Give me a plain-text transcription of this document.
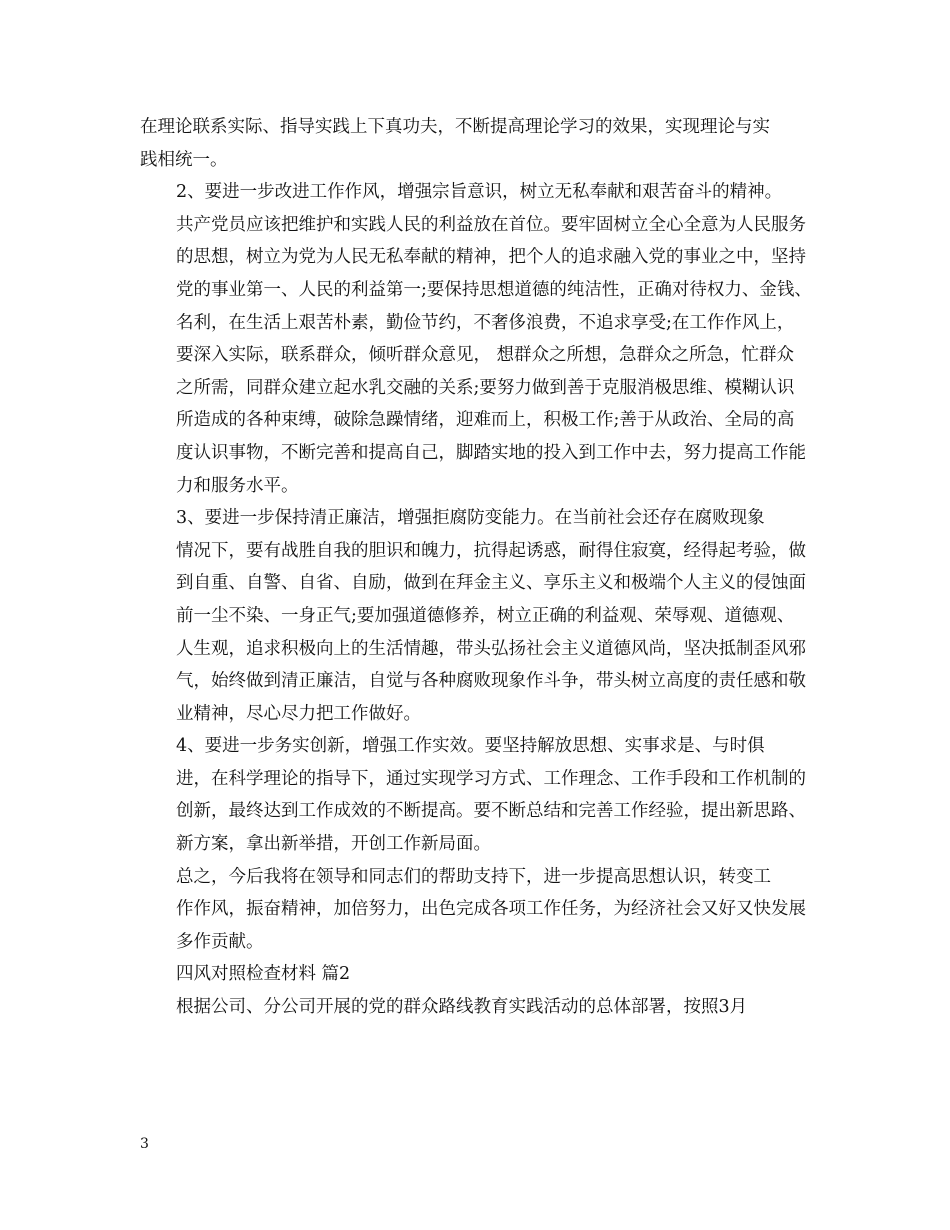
在理论联系实际、指导实践上下真功夫，不断提高理论学习的效果，实现理论与实
践相统一。

2、要进一步改进工作作风，增强宗旨意识，树立无私奉献和艰苦奋斗的精神。
共产党员应该把维护和实践人民的利益放在首位。要牢固树立全心全意为人民服务
的思想，树立为党为人民无私奉献的精神，把个人的追求融入党的事业之中，坚持
党的事业第一、人民的利益第一;要保持思想道德的纯洁性，正确对待权力、金钱、
名利，在生活上艰苦朴素，勤俭节约，不奢侈浪费，不追求享受;在工作作风上，
要深入实际，联系群众，倾听群众意见， 想群众之所想，急群众之所急，忙群众
之所需，同群众建立起水乳交融的关系;要努力做到善于克服消极思维、模糊认识
所造成的各种束缚，破除急躁情绪，迎难而上，积极工作;善于从政治、全局的高
度认识事物，不断完善和提高自己，脚踏实地的投入到工作中去，努力提高工作能
力和服务水平。

3、要进一步保持清正廉洁，增强拒腐防变能力。在当前社会还存在腐败现象
情况下，要有战胜自我的胆识和魄力，抗得起诱惑，耐得住寂寞，经得起考验，做
到自重、自警、自省、自励，做到在拜金主义、享乐主义和极端个人主义的侵蚀面
前一尘不染、一身正气;要加强道德修养，树立正确的利益观、荣辱观、道德观、
人生观，追求积极向上的生活情趣，带头弘扬社会主义道德风尚，坚决抵制歪风邪
气，始终做到清正廉洁，自觉与各种腐败现象作斗争，带头树立高度的责任感和敬
业精神，尽心尽力把工作做好。

4、要进一步务实创新，增强工作实效。要坚持解放思想、实事求是、与时俱
进，在科学理论的指导下，通过实现学习方式、工作理念、工作手段和工作机制的
创新，最终达到工作成效的不断提高。要不断总结和完善工作经验，提出新思路、
新方案，拿出新举措，开创工作新局面。

总之，今后我将在领导和同志们的帮助支持下，进一步提高思想认识，转变工
作作风，振奋精神，加倍努力，出色完成各项工作任务，为经济社会又好又快发展
多作贡献。

四风对照检查材料 篇2

根据公司、分公司开展的党的群众路线教育实践活动的总体部署，按照3月

3
